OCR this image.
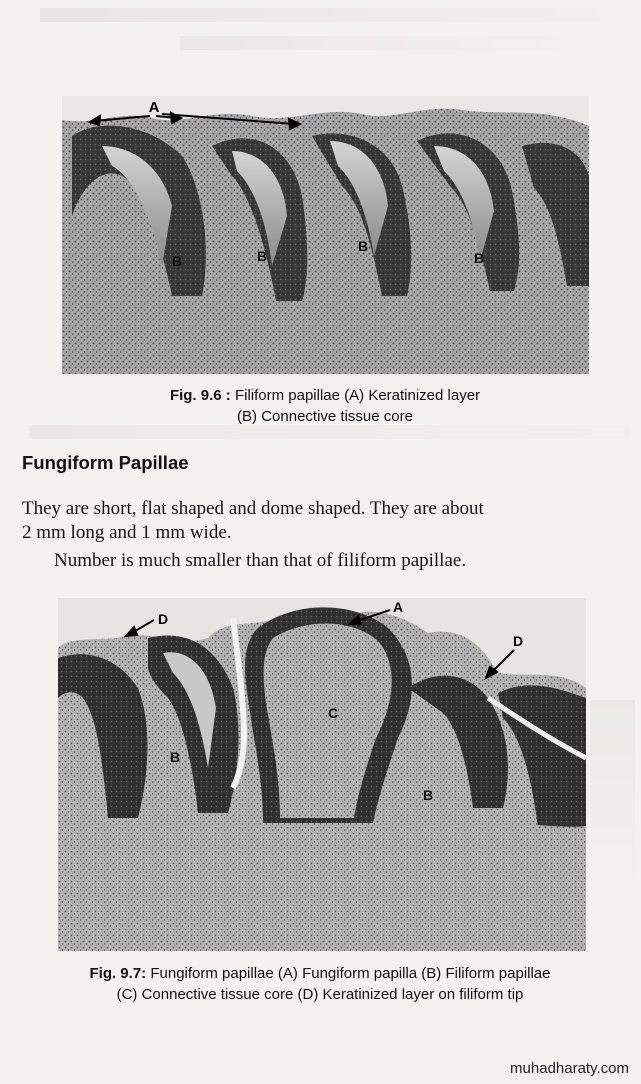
A
B	B
B
B
Fig. 9.6 : Filiform papillae (A) Keratinized layer
(B) Connective tissue core
Fungiform Papillae
They are short, flat shaped and dome shaped. They are about
2 mm long and 1 mm wide.
Number is much smaller than that of filiform papillae.
D
A
D
C
B
B
Fig. 9.7: Fungiform papillae (A) Fungiform papilla (B) Filiform papillae
(C) Connective tissue core (D) Keratinized layer on filiform tip
muhadharaty.com
